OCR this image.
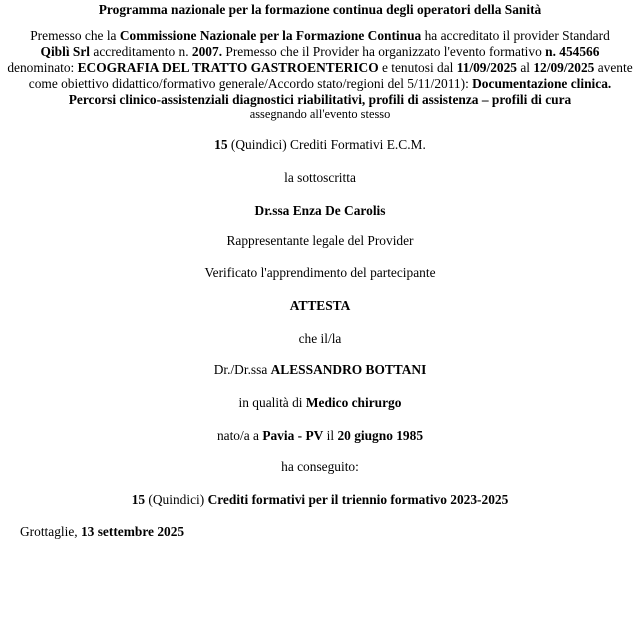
Programma nazionale per la formazione continua degli operatori della Sanità
Premesso che la Commissione Nazionale per la Formazione Continua ha accreditato il provider Standard
Qiblì Srl accreditamento n. 2007. Premesso che il Provider ha organizzato l'evento formativo n. 454566
denominato: ECOGRAFIA DEL TRATTO GASTROENTERICO e tenutosi dal 11/09/2025 al 12/09/2025 avente
come obiettivo didattico/formativo generale/Accordo stato/regioni del 5/11/2011): Documentazione clinica.
Percorsi clinico-assistenziali diagnostici riabilitativi, profili di assistenza – profili di cura
assegnando all'evento stesso
15 (Quindici) Crediti Formativi E.C.M.
la sottoscritta
Dr.ssa Enza De Carolis
Rappresentante legale del Provider
Verificato l'apprendimento del partecipante
ATTESTA
che il/la
Dr./Dr.ssa ALESSANDRO BOTTANI
in qualità di Medico chirurgo
nato/a a Pavia - PV il 20 giugno 1985
ha conseguito:
15 (Quindici) Crediti formativi per il triennio formativo 2023-2025
Grottaglie, 13 settembre 2025
